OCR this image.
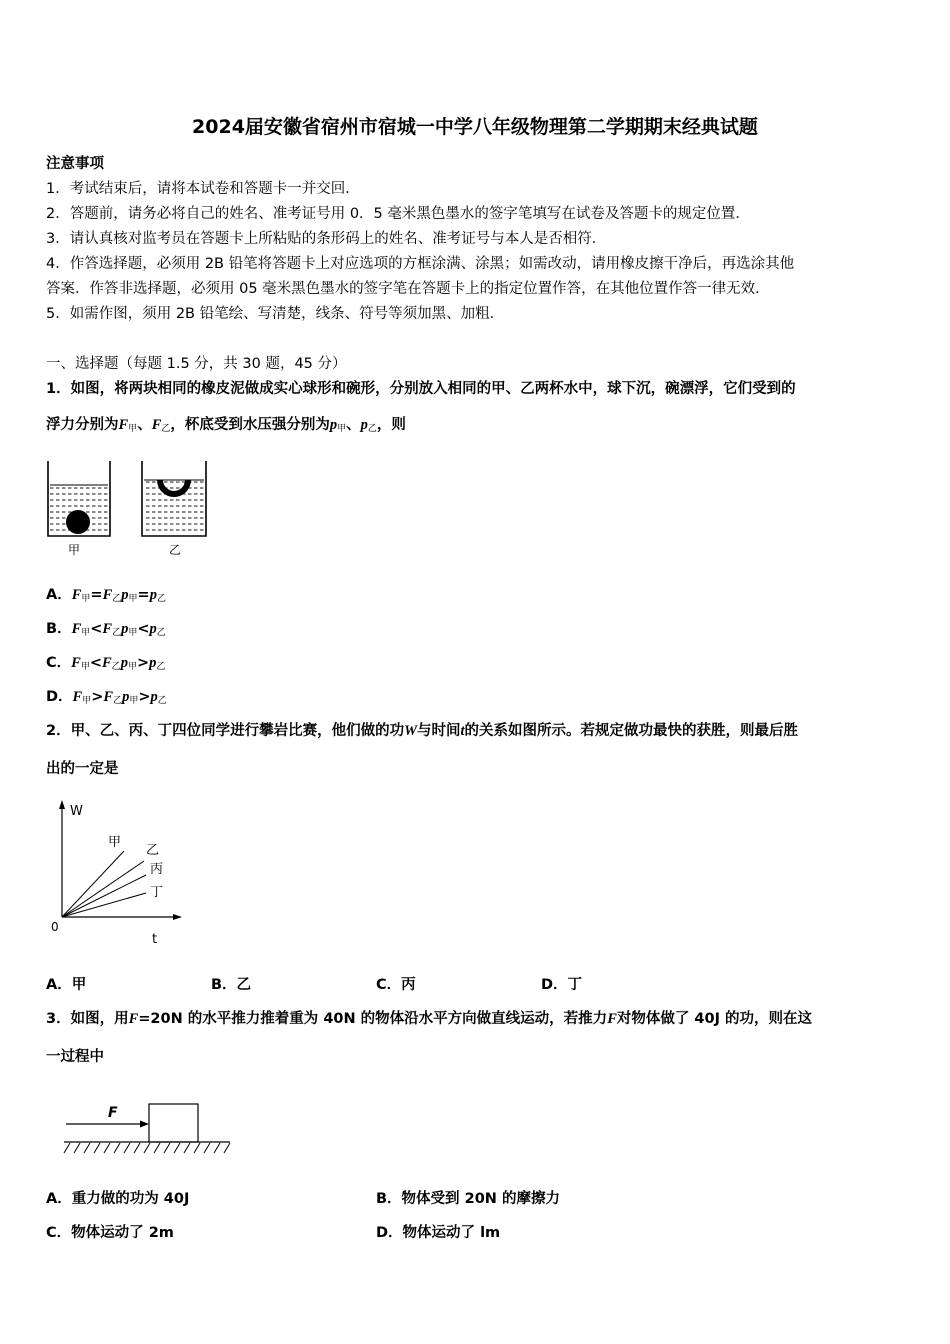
2024届安徽省宿州市宿城一中学八年级物理第二学期期末经典试题
注意事项
1．考试结束后，请将本试卷和答题卡一并交回．
2．答题前，请务必将自己的姓名、准考证号用 0．5 毫米黑色墨水的签字笔填写在试卷及答题卡的规定位置．
3．请认真核对监考员在答题卡上所粘贴的条形码上的姓名、准考证号与本人是否相符．
4．作答选择题，必须用 2B 铅笔将答题卡上对应选项的方框涂满、涂黑；如需改动，请用橡皮擦干净后，再选涂其他
答案．作答非选择题，必须用 05 毫米黑色墨水的签字笔在答题卡上的指定位置作答，在其他位置作答一律无效．
5．如需作图，须用 2B 铅笔绘、写清楚，线条、符号等须加黑、加粗．
一、选择题（每题 1.5 分，共 30 题，45 分）
1．如图，将两块相同的橡皮泥做成实心球形和碗形，分别放入相同的甲、乙两杯水中，球下沉，碗漂浮，它们受到的
浮力分别为$F_甲$、$F_乙$，杯底受到水压强分别为$p_甲$、$p_乙$，则
甲	乙
A．$F_甲=F_乙p_甲=p_乙$
B．$F_甲<F_乙p_甲<p_乙$
C．$F_甲<F_乙p_甲>p_乙$
D．$F_甲>F_乙p_甲>p_乙$
2．甲、乙、丙、丁四位同学进行攀岩比赛，他们做的功W与时间t的关系如图所示。若规定做功最快的获胜，则最后胜
出的一定是
W
t
0
甲
乙
丙
丁
A．甲	B．乙	C．丙	D．丁
3．如图，用F=20N 的水平推力推着重为 40N 的物体沿水平方向做直线运动，若推力F对物体做了 40J 的功，则在这
一过程中
F
A．重力做的功为 40J	B．物体受到 20N 的摩擦力
C．物体运动了 2m	D．物体运动了 lm
